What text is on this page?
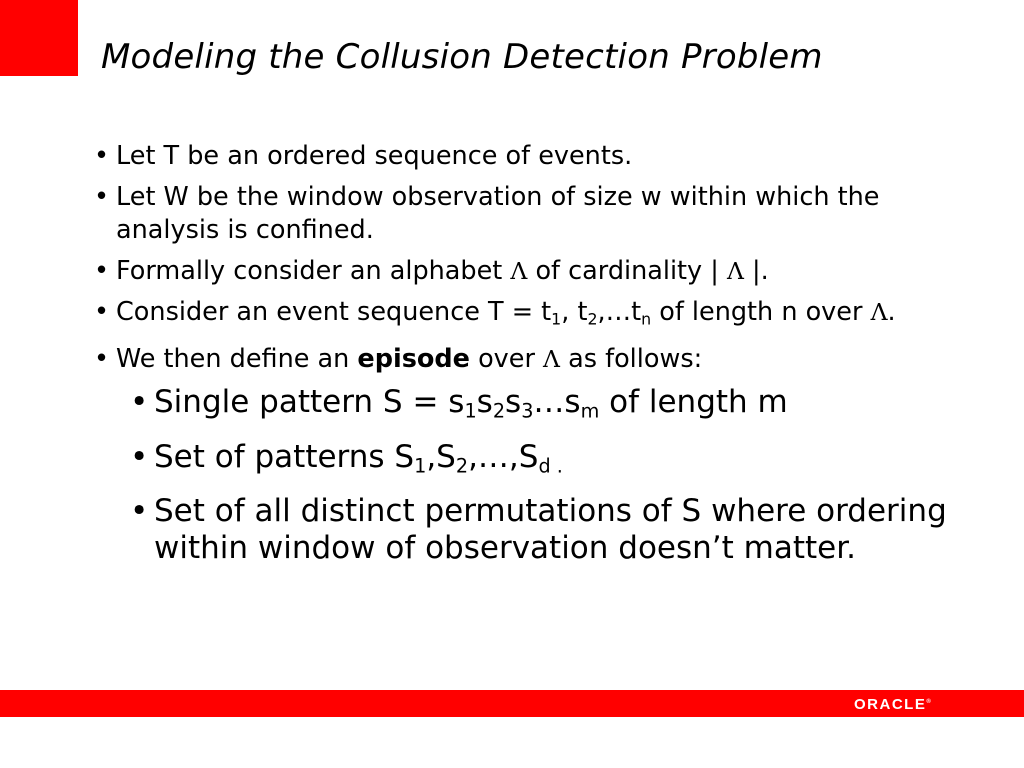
Modeling the Collusion Detection Problem
• Let T be an ordered sequence of events.
• Let W be the window observation of size w within which the analysis is confined.
• Formally consider an alphabet Λ of cardinality | Λ |.
• Consider an event sequence $T = t_1$, $t_2,\dots t_n$ of length n over Λ.
• We then define an episode over Λ as follows:
• Single pattern $S = s_1s_2s_3\dots s_m$ of length m
• Set of patterns $S_1,S_2,\dots,S_d$ $_.$
• Set of all distinct permutations of S where ordering within window of observation doesn’t matter.
ORACLE®
